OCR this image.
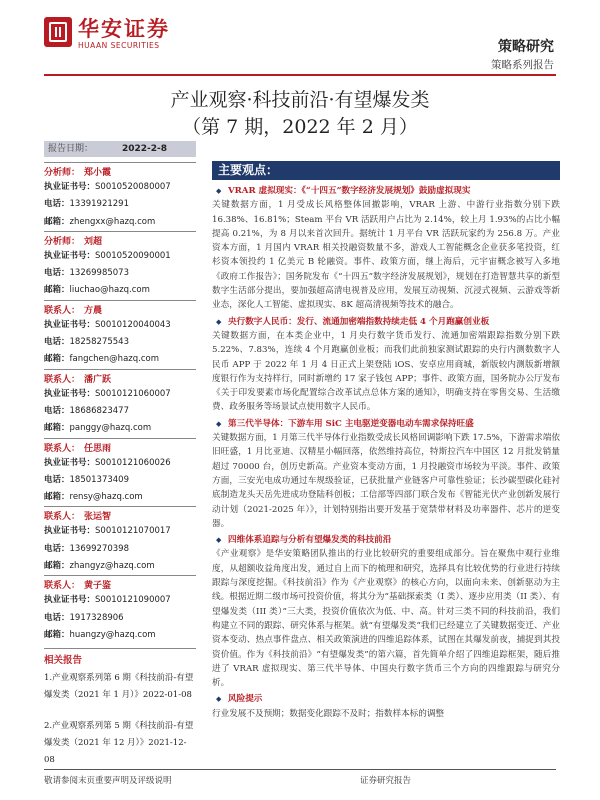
华安证券
HUAAN SECURITIES	策略研究
策略系列报告
产业观察·科技前沿·有望爆发类
（第 7 期，2022 年 2 月）
报告日期：	2022-2-8
分析师： 郑小霞
执业证书号：S0010520080007
电话：13391921291
邮箱：zhengxx@hazq.com
分析师： 刘超
执业证书号：S0010520090001
电话：13269985073
邮箱：liuchao@hazq.com
联系人： 方晨
执业证书号：S0010120040043
电话：18258275543
邮箱：fangchen@hazq.com
联系人： 潘广跃
执业证书号：S0010121060007
电话：18686823477
邮箱：panggy@hazq.com
联系人： 任思雨
执业证书号：S0010121060026
电话：18501373409
邮箱：rensy@hazq.com
联系人： 张运智
执业证书号：S0010121070017
电话：13699270398
邮箱：zhangyz@hazq.com
联系人： 黄子鉴
执业证书号：S0010121090007
电话：1917328906
邮箱：huangzy@hazq.com
相关报告
1.产业观察系列第 6 期《科技前沿-有望爆发类（2021 年 1 月）》2022-01-08
2.产业观察系列第 5 期《科技前沿-有望爆发类（2021 年 12 月）》2021-12-08
主要观点：
◆ VRAR 虚拟现实：《“十四五”数字经济发展规划》鼓励虚拟现实
关键数据方面，1 月受成长风格整体回撤影响，VRAR 上游、中游行业指数分别下跌 16.38%、16.81%；Steam 平台 VR 活跃用户占比为 2.14%，较上月 1.93%的占比小幅提高 0.21%，为 8 月以来首次回升。据统计 1 月平台 VR 活跃玩家约为 256.8 万。产业资本方面，1 月国内 VRAR 相关投融资数量不多，游戏人工智能概念企业获多笔投资，红杉资本领投约 1 亿美元 B 轮融资。事件、政策方面，继上海后，元宇宙概念被写入多地《政府工作报告》；国务院发布《“十四五”数字经济发展规划》，规划在打造智慧共享的新型数字生活部分提出，要加强超高清电视普及应用，发展互动视频、沉浸式视频、云游戏等新业态，深化人工智能、虚拟现实、8K 超高清视频等技术的融合。
◆ 央行数字人民币：发行、流通加密端指数持续走低 4 个月跑赢创业板
关键数据方面，在本类企业中，1 月央行数字货币发行、流通加密端跟踪指数分别下跌 5.22%、7.83%，连续 4 个月跑赢创业板；而我们此前独家测试跟踪的央行内测数数字人民币 APP 于 2022 年 1 月 4 日正式上架登陆 iOS、安卓应用商城，新版较内测版新增额度银行作为支持样行，同时新增约 17 家子钱包 APP；事件、政策方面，国务院办公厅发布《关于印发要素市场化配置综合改革试点总体方案的通知》，明确支持在零售交易、生活缴费、政务服务等场景试点使用数字人民币。
◆ 第三代半导体：下游车用 SiC 主电驱逆变器电动车需求保持旺盛
关键数据方面，1 月第三代半导体行业指数受成长风格回调影响下跌 17.5%，下游需求端依旧旺盛，1 月比亚迪、汉精星小幅回落，依然维持高位，特斯拉汽车中国区 12 月批发销量超过 70000 台，创历史新高。产业资本变动方面，1 月投融资市场较为平淡。事件、政策方面，三安光电成功通过车规级验证，已获批量产业链客户可靠性验证；长沙碳型碳化硅衬底制造龙头天岳先进成功登陆科创板；工信部等四部门联合发布《智能光伏产业创新发展行动计划（2021-2025 年）》，计划特别指出要开发基于宽禁带材料及功率器件、芯片的逆变器。
◆ 四维体系追踪与分析有望爆发类的科技前沿
《产业观察》是华安策略团队推出的行业比较研究的重要组成部分。旨在聚焦中观行业维度，从超额收益角度出发，通过自上而下的梳理和研究，选择具有比较优势的行业进行持续跟踪与深度挖掘。《科技前沿》作为《产业观察》的核心方向，以面向未来、创新驱动为主线。根据近期二级市场可投资价值，将其分为“基础探索类（I 类）、逐步应用类（II 类）、有望爆发类（III 类）”三大类，投资价值依次为低、中、高。针对三类不同的科技前沿，我们构建立不同的跟踪、研究体系与框架。就“有望爆发类”我们已经建立了关键数据变迁、产业资本变动、热点事件盘点、相关政策演进的四维追踪体系，试图在其爆发前夜，捕捉到其投资价值。作为《科技前沿》“有望爆发类”的第六篇，首先简单介绍了四维追踪框架，随后推进了 VRAR 虚拟现实、第三代半导体、中国央行数字货币三个方向的四维跟踪与研究分析。
◆ 风险提示
行业发展不及预期；数据变化跟踪不及时；指数样本标的调整
敬请参阅末页重要声明及评级说明	证券研究报告
